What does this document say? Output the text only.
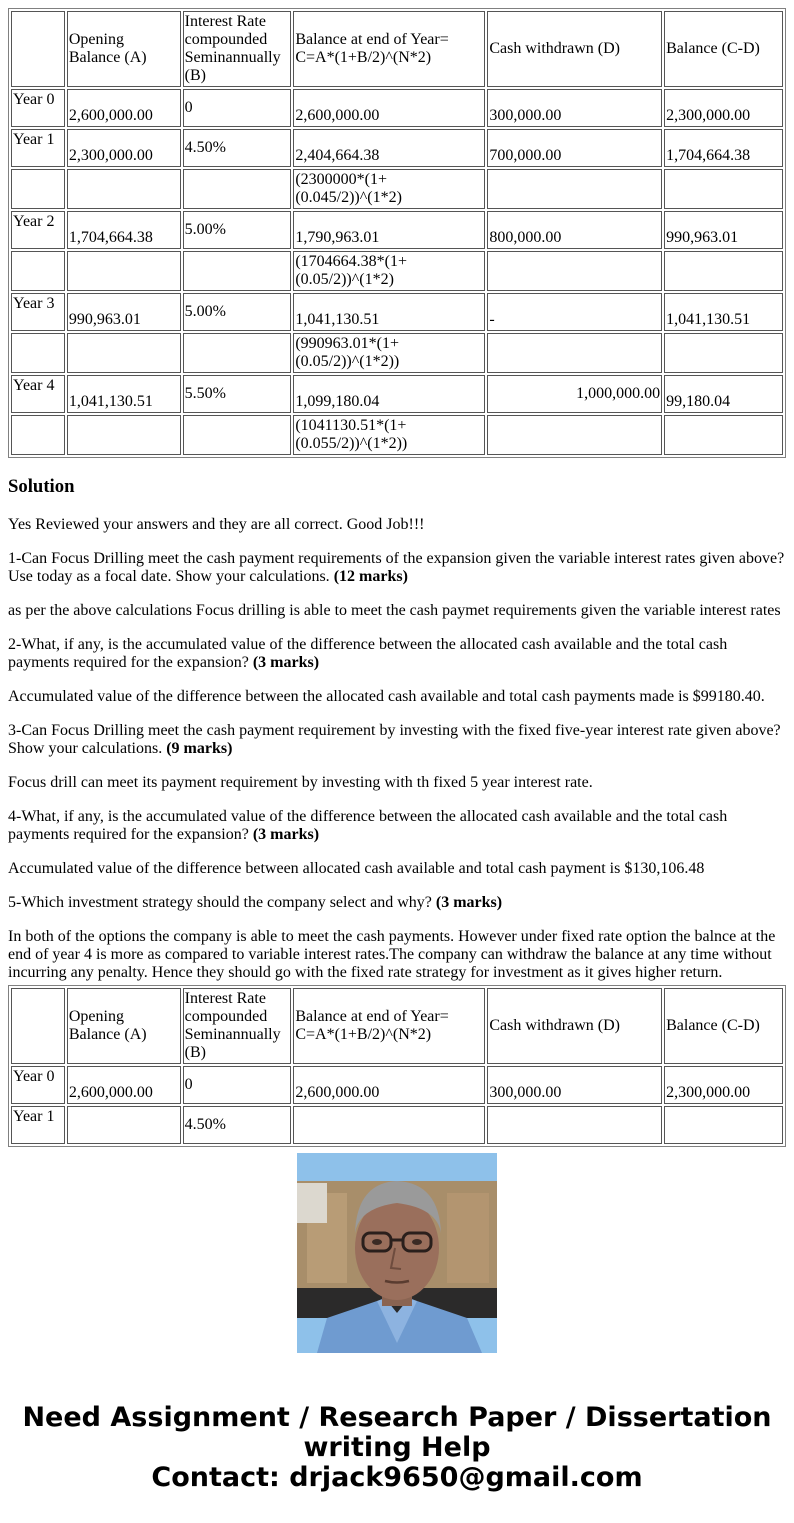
	Opening Balance (A)	Interest Rate compounded Seminannually (B)	Balance at end of Year= C=A*(1+B/2)^(N*2)	Cash withdrawn (D)	Balance (C-D)
Year 0	2,600,000.00	0	2,600,000.00	300,000.00	2,300,000.00
Year 1	2,300,000.00	4.50%	2,404,664.38	700,000.00	1,704,664.38
			(2300000*(1+(0.045/2))^(1*2)		
Year 2	1,704,664.38	5.00%	1,790,963.01	800,000.00	990,963.01
			(1704664.38*(1+(0.05/2))^(1*2)		
Year 3	990,963.01	5.00%	1,041,130.51	-	1,041,130.51
			(990963.01*(1+(0.05/2))^(1*2))		
Year 4	1,041,130.51	5.50%	1,099,180.04	1,000,000.00	99,180.04
			(1041130.51*(1+(0.055/2))^(1*2))		
Solution

Yes Reviewed your answers and they are all correct. Good Job!!!

1-Can Focus Drilling meet the cash payment requirements of the expansion given the variable interest rates given above? Use today as a focal date. Show your calculations. (12 marks)

as per the above calculations Focus drilling is able to meet the cash paymet requirements given the variable interest rates

2-What, if any, is the accumulated value of the difference between the allocated cash available and the total cash payments required for the expansion? (3 marks)

Accumulated value of the difference between the allocated cash available and total cash payments made is $99180.40.

3-Can Focus Drilling meet the cash payment requirement by investing with the fixed five-year interest rate given above? Show your calculations. (9 marks)

Focus drill can meet its payment requirement by investing with th fixed 5 year interest rate.

4-What, if any, is the accumulated value of the difference between the allocated cash available and the total cash payments required for the expansion? (3 marks)

Accumulated value of the difference between allocated cash available and total cash payment is $130,106.48

5-Which investment strategy should the company select and why? (3 marks)

In both of the options the company is able to meet the cash payments. However under fixed rate option the balnce at the end of year 4 is more as compared to variable interest rates.The company can withdraw the balance at any time without incurring any penalty. Hence they should go with the fixed rate strategy for investment as it gives higher return.

	Opening Balance (A)	Interest Rate compounded Seminannually (B)	Balance at end of Year= C=A*(1+B/2)^(N*2)	Cash withdrawn (D)	Balance (C-D)
Year 0	2,600,000.00	0	2,600,000.00	300,000.00	2,300,000.00
Year 1		4.50%			
Need Assignment / Research Paper / Dissertation
writing Help
Contact: drjack9650@gmail.com
